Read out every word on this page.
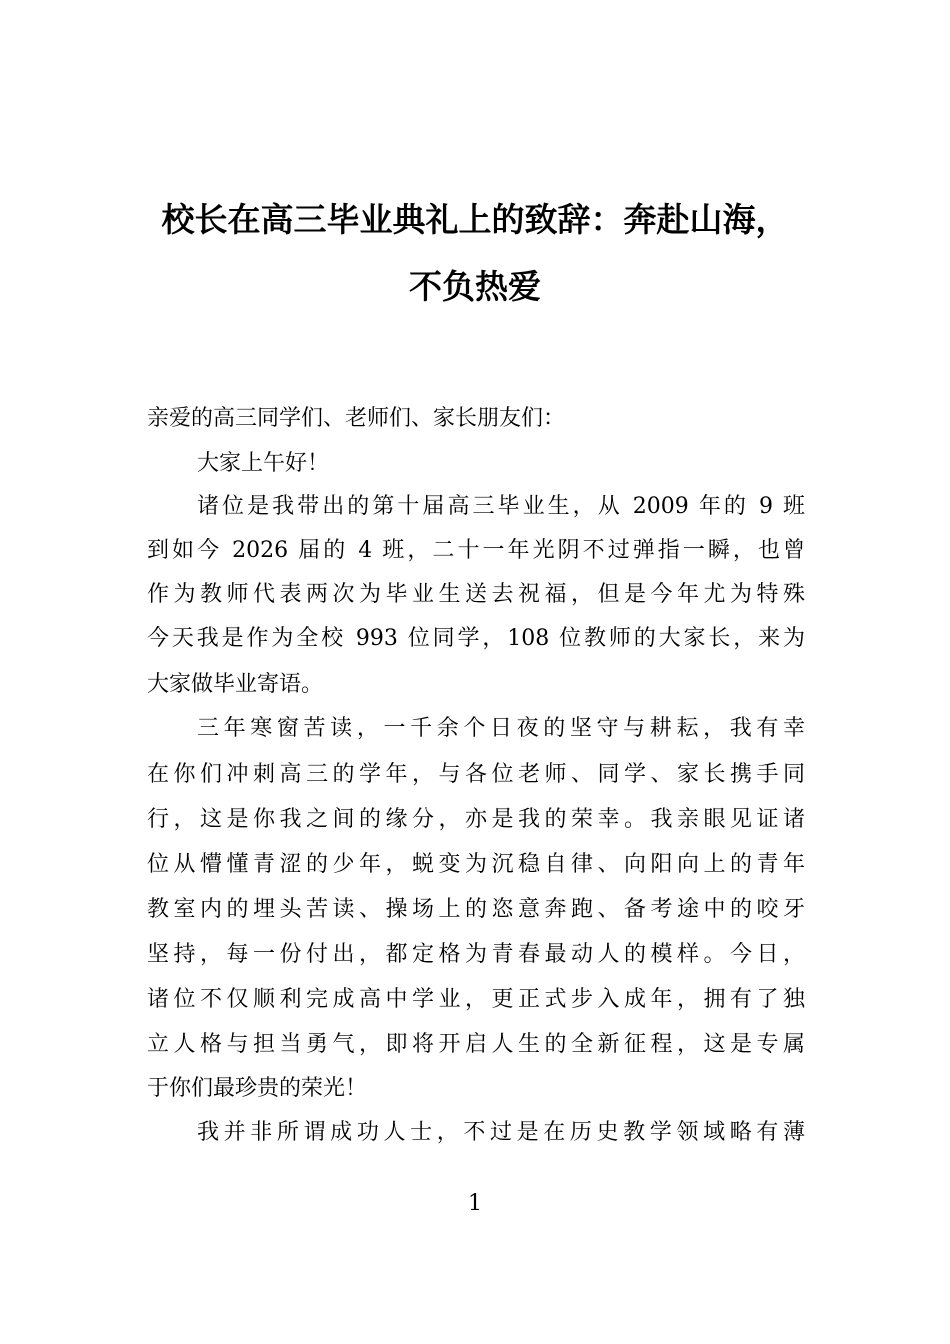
校长在高三毕业典礼上的致辞：奔赴山海，
不负热爱
亲爱的高三同学们、老师们、家长朋友们：
大家上午好！
诸位是我带出的第十届高三毕业生，从 2009 年的 9 班
到如今 2026 届的 4 班，二十一年光阴不过弹指一瞬，也曾
作为教师代表两次为毕业生送去祝福，但是今年尤为特殊
今天我是作为全校 993 位同学，108 位教师的大家长，来为
大家做毕业寄语。
三年寒窗苦读，一千余个日夜的坚守与耕耘，我有幸
在你们冲刺高三的学年，与各位老师、同学、家长携手同
行，这是你我之间的缘分，亦是我的荣幸。我亲眼见证诸
位从懵懂青涩的少年，蜕变为沉稳自律、向阳向上的青年
教室内的埋头苦读、操场上的恣意奔跑、备考途中的咬牙
坚持，每一份付出，都定格为青春最动人的模样。今日，
诸位不仅顺利完成高中学业，更正式步入成年，拥有了独
立人格与担当勇气，即将开启人生的全新征程，这是专属
于你们最珍贵的荣光！
我并非所谓成功人士，不过是在历史教学领域略有薄
1
